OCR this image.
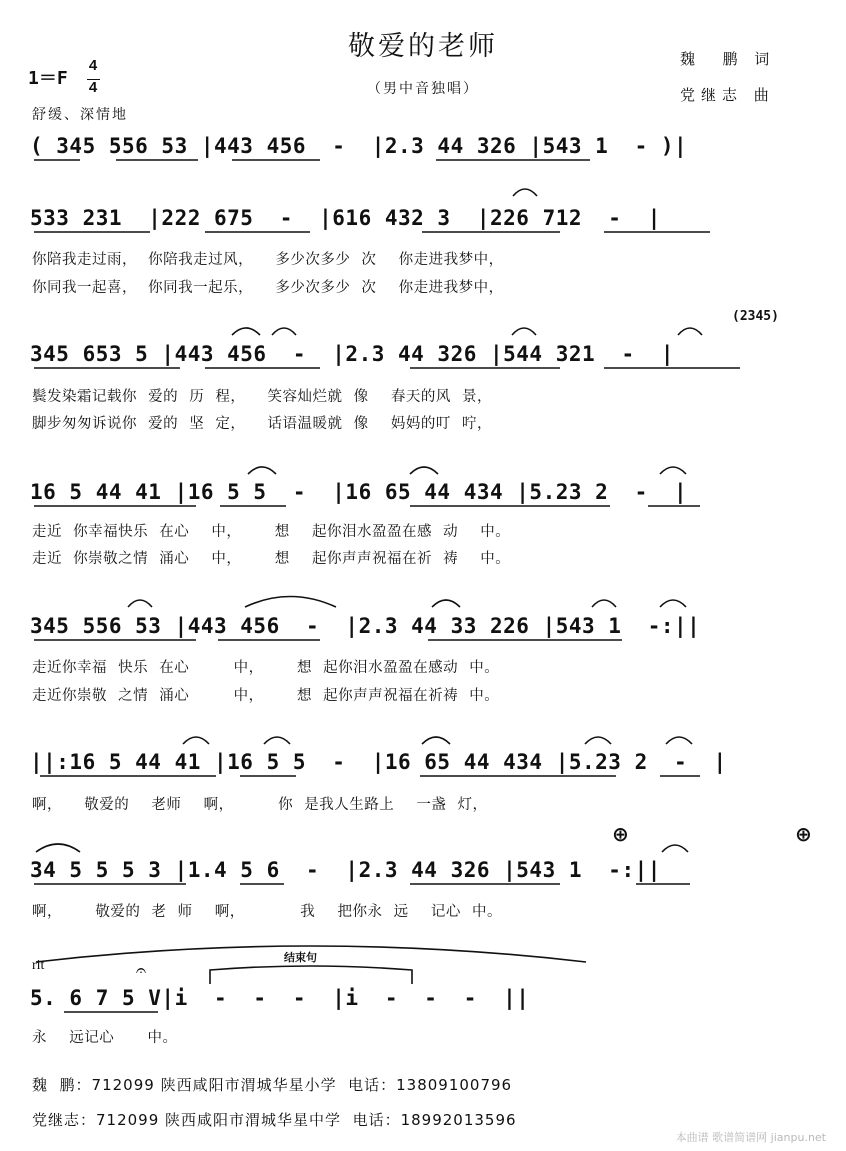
敬爱的老师
（男中音独唱）
魏  鹏 词
党继志 曲
1＝F
4
4
舒缓、深情地
( 345 556 53 |443 456  -  |2.3 44 326 |543 1  - )|
533 231  |222 675  -  |616 432 3  |226 712  -  |
你陪我走过雨， 你陪我走过风，  多少次多少 次  你走进我梦中，
你同我一起喜， 你同我一起乐，  多少次多少 次  你走进我梦中，
(2345)
345 653 5 |443 456  -  |2.3 44 326 |544 321  -  |
鬓发染霜记载你 爱的 历 程，  笑容灿烂就 像  春天的风 景，
脚步匆匆诉说你 爱的 坚 定，  话语温暖就 像  妈妈的叮 咛，
16 5 44 41 |16 5 5  -  |16 65 44 434 |5.23 2  -  |
走近 你幸福快乐 在心  中，   想  起你泪水盈盈在感 动  中。
走近 你崇敬之情 涌心  中，   想  起你声声祝福在祈 祷  中。
345 556 53 |443 456  -  |2.3 44 33 226 |543 1  -:||
走近你幸福 快乐 在心    中，   想 起你泪水盈盈在感动 中。
走近你崇敬 之情 涌心    中，   想 起你声声祝福在祈祷 中。
||:16 5 44 41 |16 5 5  -  |16 65 44 434 |5.23 2  -  |
啊，  敬爱的  老师  啊，    你 是我人生路上  一盏 灯，
⊕	⊕
34 5 5 5 3 |1.4 5 6  -  |2.3 44 326 |543 1  -:||
啊，   敬爱的 老 师  啊，     我  把你永 远  记心 中。
rit
结束句
𝄐
5. 6 7 5 V|i  -  -  -  |i  -  -  -  ||
永  远记心   中。
魏  鹏：712099 陕西咸阳市渭城华星小学  电话：13809100796
党继志：712099 陕西咸阳市渭城华星中学  电话：18992013596
本曲谱 歌谱简谱网 jianpu.net
